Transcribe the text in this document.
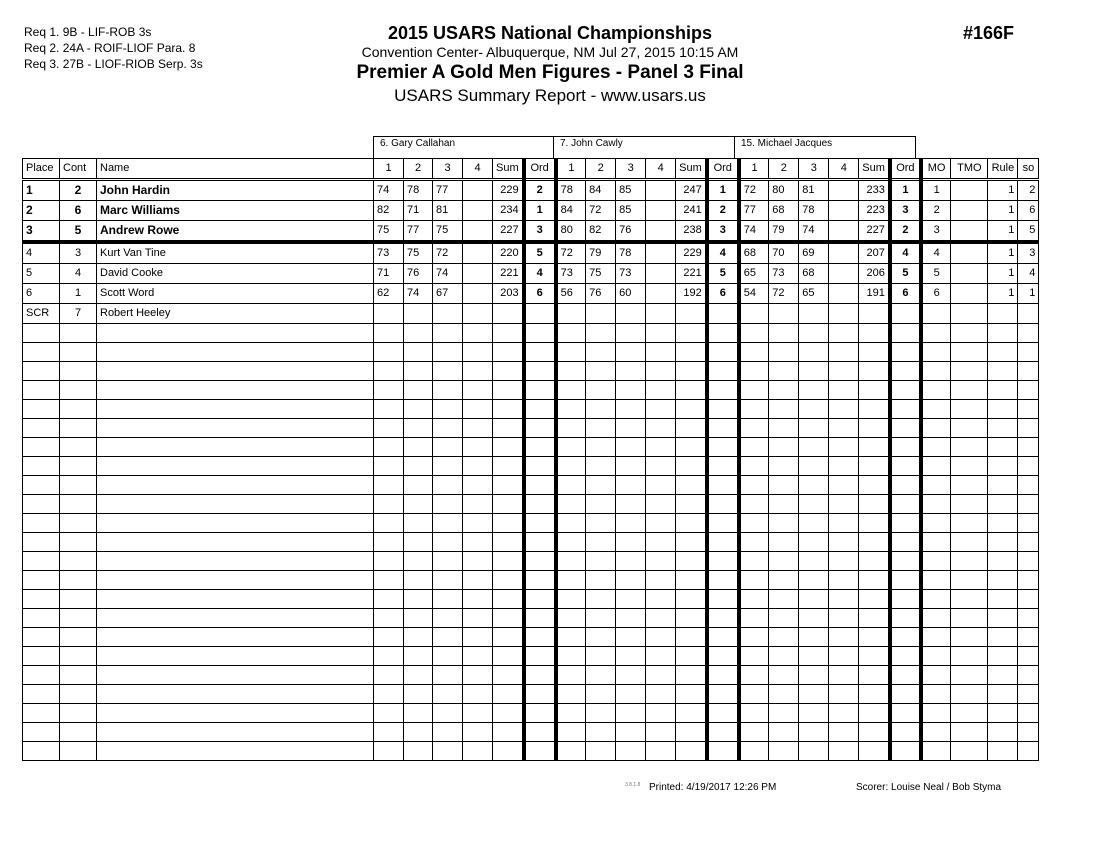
Req 1. 9B - LIF-ROB 3s
Req 2. 24A - ROIF-LIOF Para. 8
Req 3. 27B - LIOF-RIOB Serp. 3s
2015 USARS National Championships
Convention Center- Albuquerque, NM Jul 27, 2015 10:15 AM
Premier A Gold Men Figures - Panel 3 Final
USARS Summary Report - www.usars.us
#166F
6. Gary Callahan	7. John Cawly	15. Michael Jacques
Place	Cont	Name	1	2	3	4	Sum	Ord	1	2	3	4	Sum	Ord	1	2	3	4	Sum	Ord	MO	TMO	Rule	so
1	2	John Hardin	74	78	77		229	2	78	84	85		247	1	72	80	81		233	1	1		1	2
2	6	Marc Williams	82	71	81		234	1	84	72	85		241	2	77	68	78		223	3	2		1	6
3	5	Andrew Rowe	75	77	75		227	3	80	82	76		238	3	74	79	74		227	2	3		1	5
4	3	Kurt Van Tine	73	75	72		220	5	72	79	78		229	4	68	70	69		207	4	4		1	3
5	4	David Cooke	71	76	74		221	4	73	75	73		221	5	65	73	68		206	5	5		1	4
6	1	Scott Word	62	74	67		203	6	56	76	60		192	6	54	72	65		191	6	6		1	1
SCR	7	Robert Heeley																						

3.8.1.8 Printed: 4/19/2017 12:26 PM	Scorer: Louise Neal / Bob Styma
